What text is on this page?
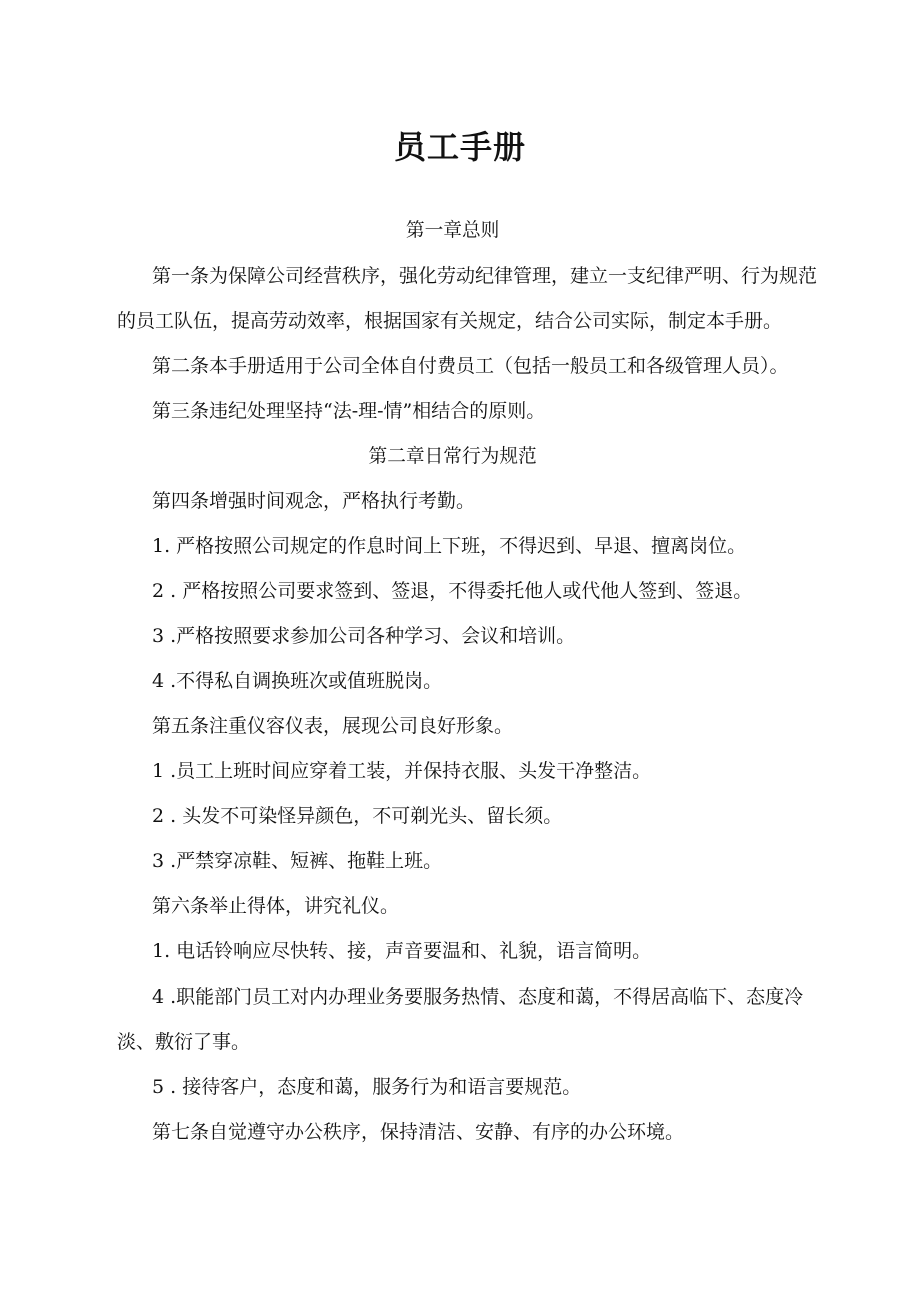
员工手册
第一章总则
第一条为保障公司经营秩序，强化劳动纪律管理，建立一支纪律严明、行为规范
的员工队伍，提高劳动效率，根据国家有关规定，结合公司实际，制定本手册。
第二条本手册适用于公司全体自付费员工（包括一般员工和各级管理人员）。
第三条违纪处理坚持“法-理-情”相结合的原则。
第二章日常行为规范
第四条增强时间观念，严格执行考勤。
1. 严格按照公司规定的作息时间上下班，不得迟到、早退、擅离岗位。
2 . 严格按照公司要求签到、签退，不得委托他人或代他人签到、签退。
3 .严格按照要求参加公司各种学习、会议和培训。
4 .不得私自调换班次或值班脱岗。
第五条注重仪容仪表，展现公司良好形象。
1 .员工上班时间应穿着工装，并保持衣服、头发干净整洁。
2 . 头发不可染怪异颜色，不可剃光头、留长须。
3 .严禁穿凉鞋、短裤、拖鞋上班。
第六条举止得体，讲究礼仪。
1. 电话铃响应尽快转、接，声音要温和、礼貌，语言简明。
4 .职能部门员工对内办理业务要服务热情、态度和蔼，不得居高临下、态度冷
淡、敷衍了事。
5 . 接待客户，态度和蔼，服务行为和语言要规范。
第七条自觉遵守办公秩序，保持清洁、安静、有序的办公环境。
